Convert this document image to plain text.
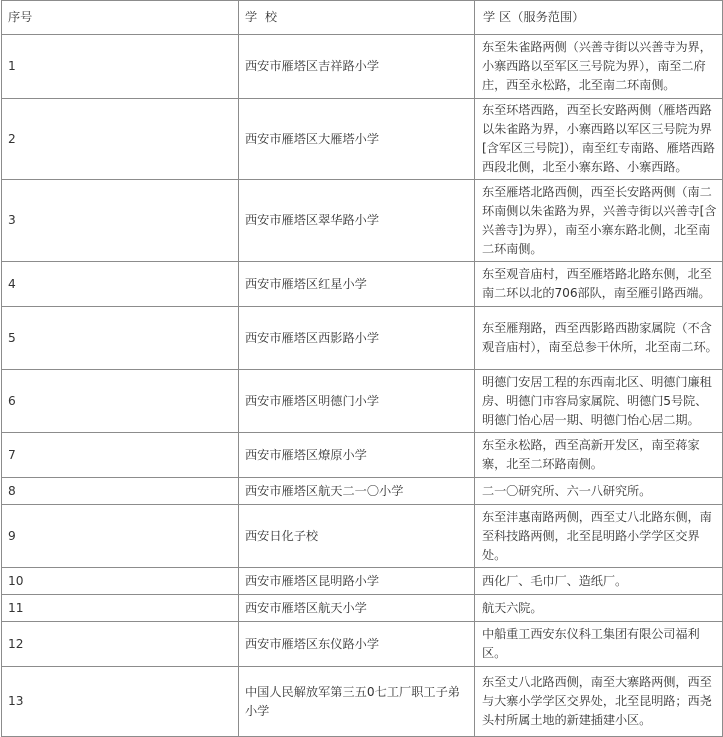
序号	学  校	学 区（服务范围）
1	西安市雁塔区吉祥路小学	东至朱雀路两侧（兴善寺街以兴善寺为界，小寨西路以至军区三号院为界），南至二府庄，西至永松路，北至南二环南侧。
2	西安市雁塔区大雁塔小学	东至环塔西路，西至长安路两侧（雁塔西路以朱雀路为界，小寨西路以军区三号院为界[含军区三号院]），南至红专南路、雁塔西路西段北侧，北至小寨东路、小寨西路。
3	西安市雁塔区翠华路小学	东至雁塔北路西侧，西至长安路两侧（南二环南侧以朱雀路为界，兴善寺街以兴善寺[含兴善寺]为界），南至小寨东路北侧，北至南二环南侧。
4	西安市雁塔区红星小学	东至观音庙村，西至雁塔路北路东侧，北至南二环以北的706部队，南至雁引路西端。
5	西安市雁塔区西影路小学	东至雁翔路，西至西影路西勘家属院（不含观音庙村），南至总参干休所，北至南二环。
6	西安市雁塔区明德门小学	明德门安居工程的东西南北区、明德门廉租房、明德门市容局家属院、明德门5号院、明德门怡心居一期、明德门怡心居二期。
7	西安市雁塔区燎原小学	东至永松路，西至高新开发区，南至蒋家寨，北至二环路南侧。
8	西安市雁塔区航天二一〇小学	二一〇研究所、六一八研究所。
9	西安日化子校	东至沣惠南路两侧，西至丈八北路东侧，南至科技路两侧，北至昆明路小学学区交界处。
10	西安市雁塔区昆明路小学	西化厂、毛巾厂、造纸厂。
11	西安市雁塔区航天小学	航天六院。
12	西安市雁塔区东仪路小学	中船重工西安东仪科工集团有限公司福利区。
13	中国人民解放军第三五0七工厂职工子弟小学	东至丈八北路西侧，南至大寨路两侧，西至与大寨小学学区交界处，北至昆明路；西尧头村所属土地的新建插建小区。
